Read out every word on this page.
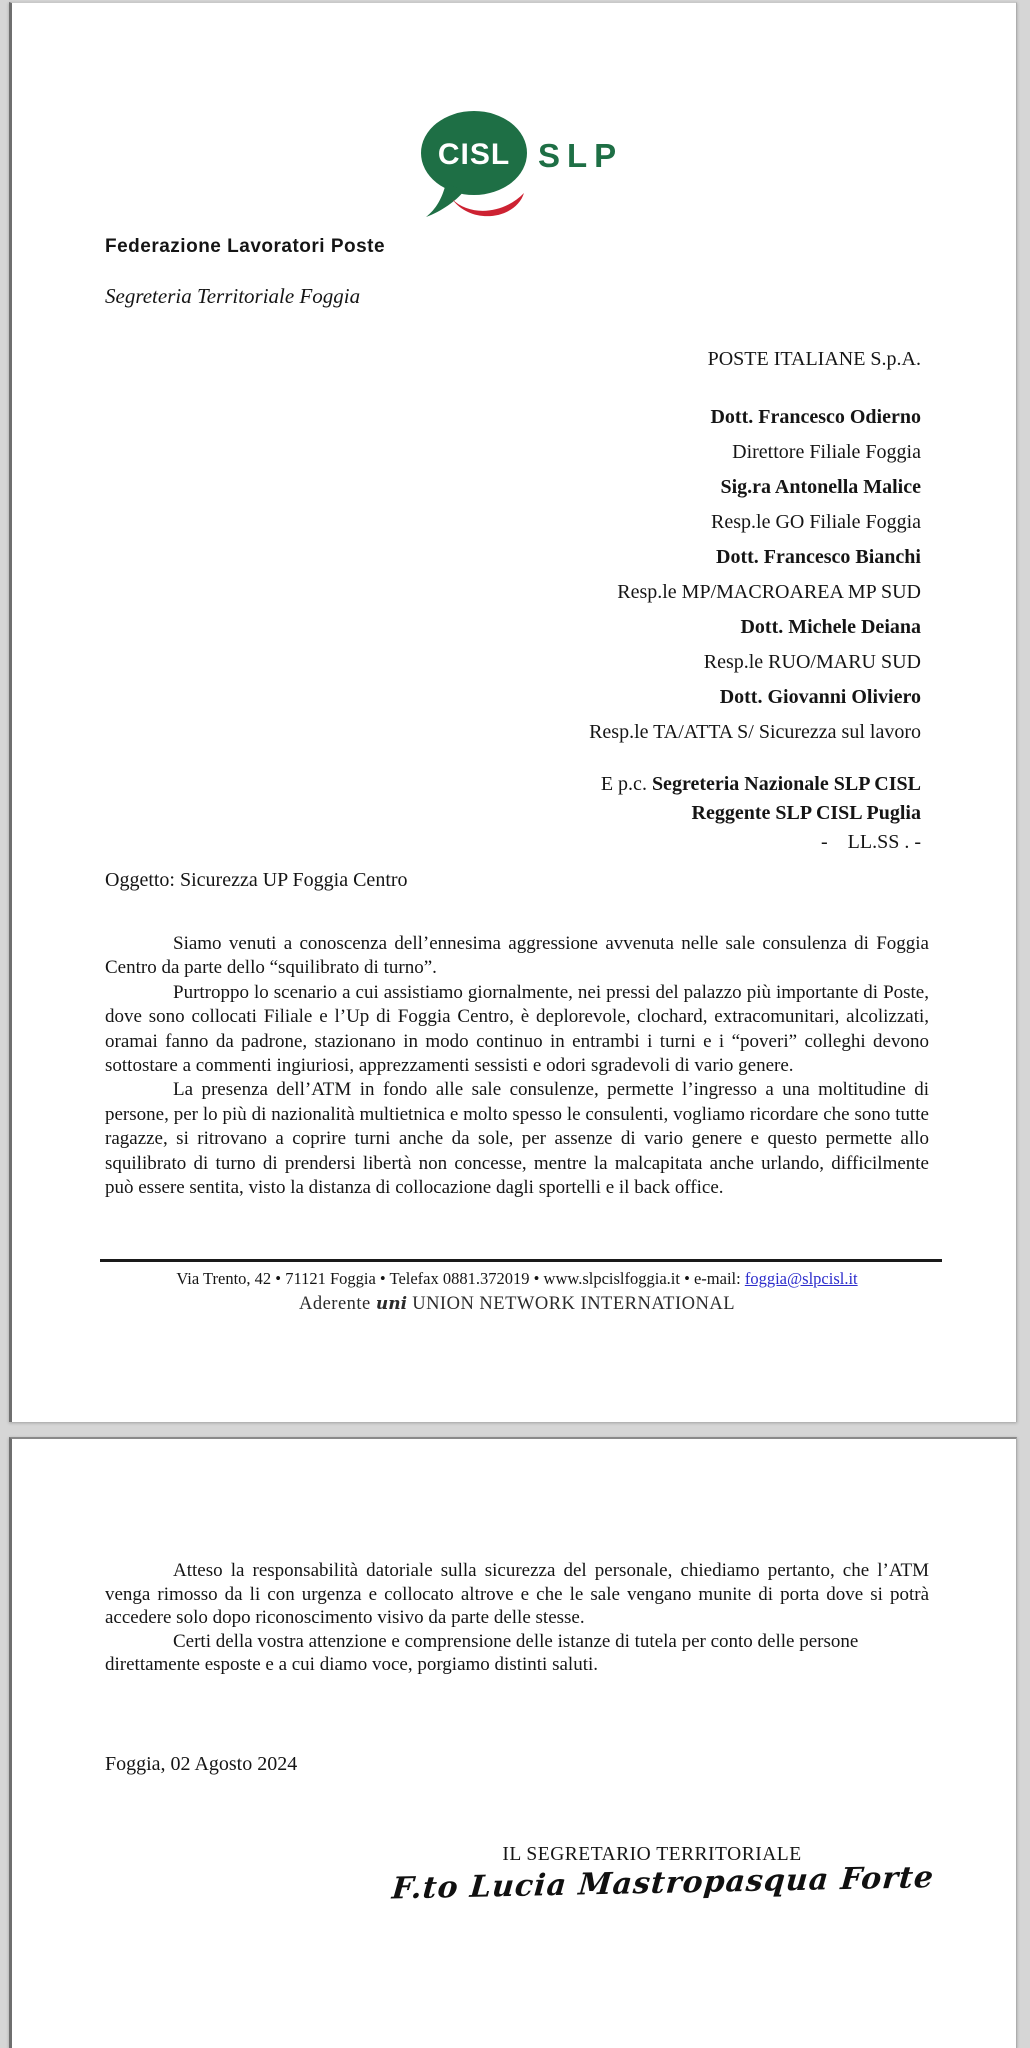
CISL SLP
Federazione Lavoratori Poste
Segreteria Territoriale Foggia
POSTE ITALIANE S.p.A.
Dott. Francesco Odierno
Direttore Filiale Foggia
Sig.ra Antonella Malice
Resp.le GO Filiale Foggia
Dott. Francesco Bianchi
Resp.le MP/MACROAREA MP SUD
Dott. Michele Deiana
Resp.le RUO/MARU SUD
Dott. Giovanni Oliviero
Resp.le TA/ATTA S/ Sicurezza sul lavoro
E p.c. Segreteria Nazionale SLP CISL
Reggente SLP CISL Puglia
-    LL.SS . -
Oggetto: Sicurezza UP Foggia Centro

Siamo venuti a conoscenza dell’ennesima aggressione avvenuta nelle sale consulenza di Foggia Centro da parte dello “squilibrato di turno”.

Purtroppo lo scenario a cui assistiamo giornalmente, nei pressi del palazzo più importante di Poste, dove sono collocati Filiale e l’Up di Foggia Centro, è deplorevole, clochard, extracomunitari, alcolizzati, oramai fanno da padrone, stazionano in modo continuo in entrambi i turni e i “poveri” colleghi devono sottostare a commenti ingiuriosi, apprezzamenti sessisti e odori sgradevoli di vario genere.

La presenza dell’ATM in fondo alle sale consulenze, permette l’ingresso a una moltitudine di persone, per lo più di nazionalità multietnica e molto spesso le consulenti, vogliamo ricordare che sono tutte ragazze, si ritrovano a coprire turni anche da sole, per assenze di vario genere e questo permette allo squilibrato di turno di prendersi libertà non concesse, mentre la malcapitata anche urlando, difficilmente può essere sentita, visto la distanza di collocazione dagli sportelli e il back office.

Via Trento, 42 • 71121 Foggia • Telefax 0881.372019 • www.slpcislfoggia.it • e-mail: foggia@slpcisl.it
Aderente uni UNION NETWORK INTERNATIONAL

Atteso la responsabilità datoriale sulla sicurezza del personale, chiediamo pertanto, che l’ATM venga rimosso da li con urgenza e collocato altrove e che le sale vengano munite di porta dove si potrà accedere solo dopo riconoscimento visivo da parte delle stesse.

Certi della vostra attenzione e comprensione delle istanze di tutela per conto delle persone direttamente esposte e a cui diamo voce, porgiamo distinti saluti.

Foggia, 02 Agosto 2024
IL SEGRETARIO TERRITORIALE
F.to Lucia Mastropasqua Forte
